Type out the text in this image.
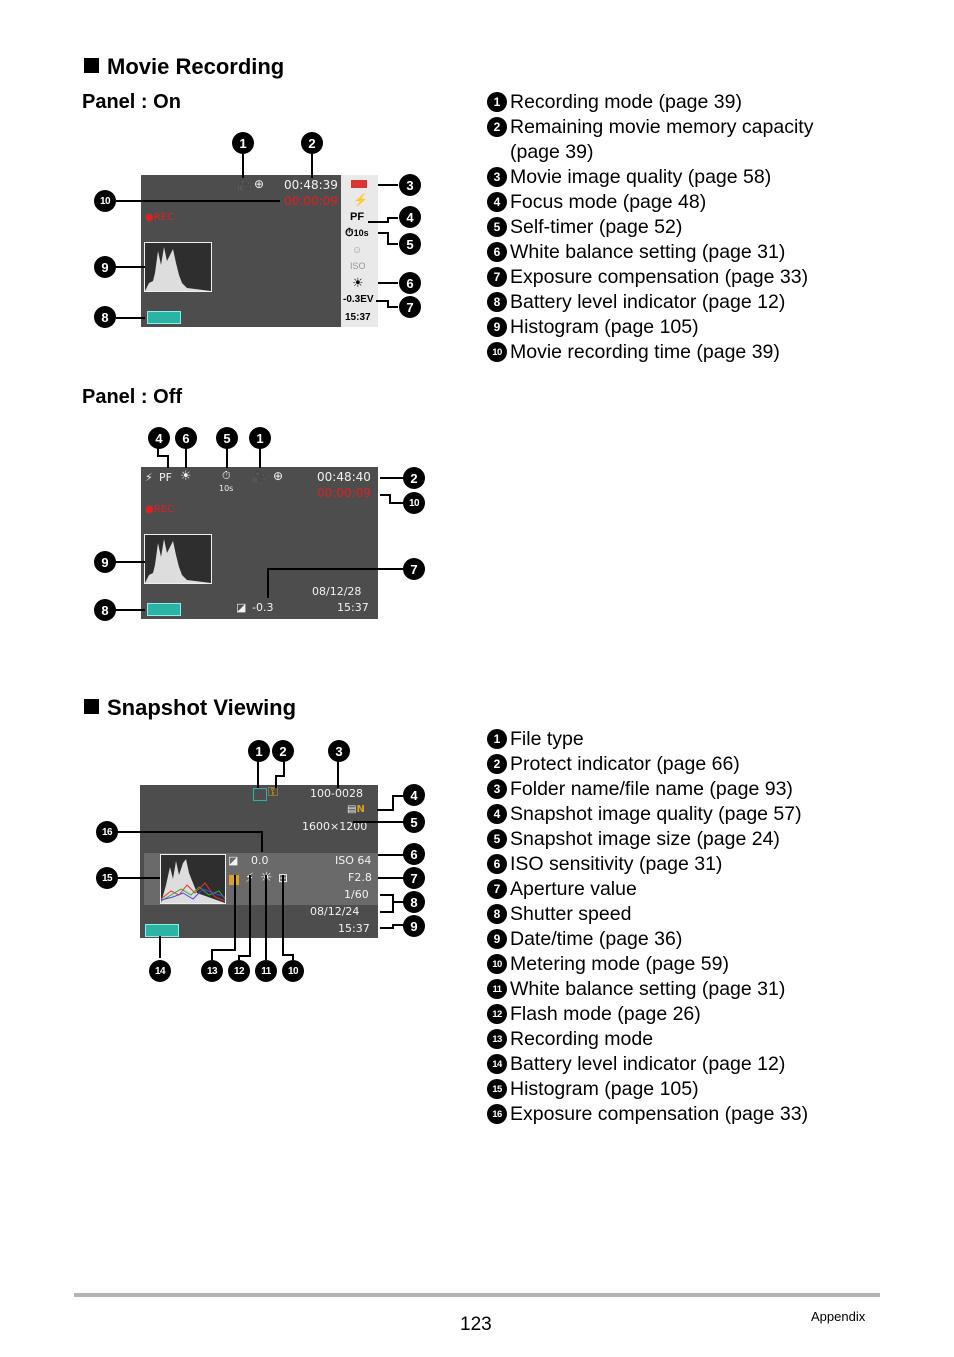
Movie Recording
Panel : On	1 Recording mode (page 39)
2 Remaining movie memory capacity (page 39)
3 Movie image quality (page 58)
4 Focus mode (page 48)
5 Self-timer (page 52)
6 White balance setting (page 31)
7 Exposure compensation (page 33)
8 Battery level indicator (page 12)
9 Histogram (page 105)
10 Movie recording time (page 39)
🎥 ⊕ 00:48:39
00:00:09
●REC
⚡
PF
⏱10s
☺
ISO
☀
-0.3EV
15:37
1	2
3
4
5
6
7
10
9
8
Panel : Off
⚡ PF ☀	⏱
10s
🎥 ⊕	00:48:40
00:00:09
●REC
◪ -0.3
08/12/28
15:37
4	6	5	1
2
10
9	7
8
Snapshot Viewing
1 File type
2 Protect indicator (page 66)
3 Folder name/file name (page 93)
4 Snapshot image quality (page 57)
5 Snapshot image size (page 24)
6 ISO sensitivity (page 31)
7 Aperture value
8 Shutter speed
9 Date/time (page 36)
10 Metering mode (page 59)
11 White balance setting (page 31)
12 Flash mode (page 26)
13 Recording mode
14 Battery level indicator (page 12)
15 Histogram (page 105)
16 Exposure compensation (page 33)
⚿	100-0028
▤N
1600×1200
◪ 0.0
⚡ ☀ ⊞
ISO 64
F2.8
1/60
08/12/24
15:37
1	2	3
4
5
6
7
8
9
16
15
14	13	12	11	10
123	Appendix
